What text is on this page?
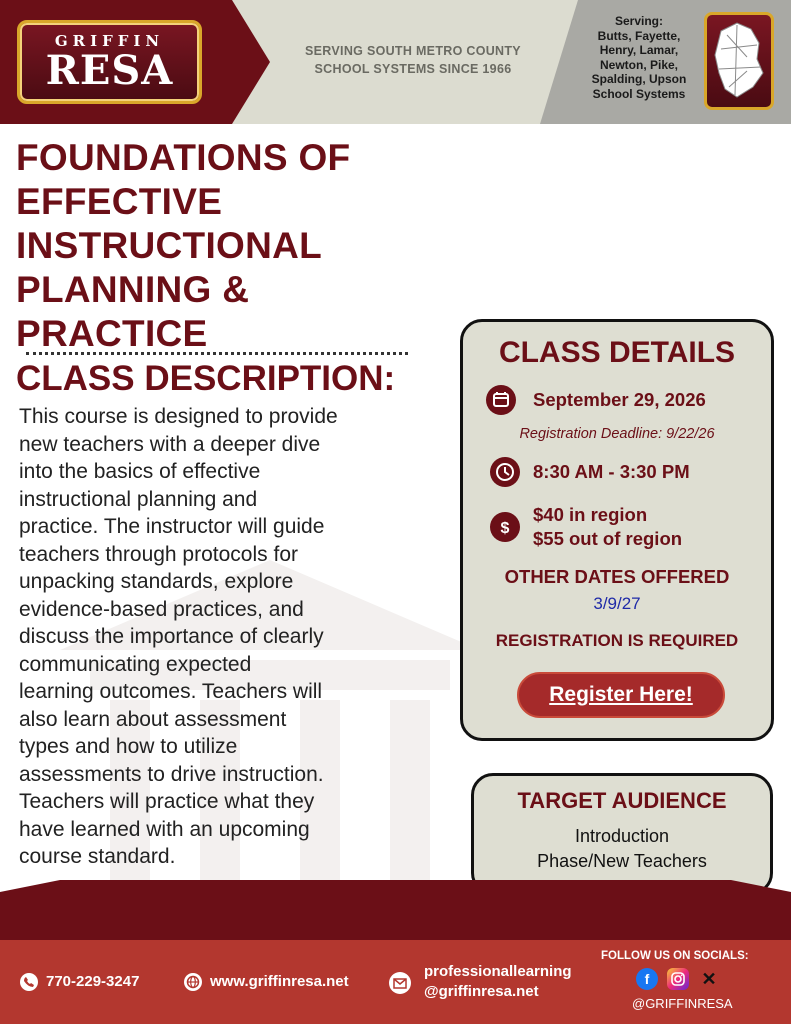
GRIFFIN
RESA	SERVING SOUTH METRO COUNTY
SCHOOL SYSTEMS SINCE 1966
Serving:
Butts, Fayette,
Henry, Lamar,
Newton, Pike,
Spalding, Upson
School Systems
FOUNDATIONS OF
EFFECTIVE
INSTRUCTIONAL
PLANNING &
PRACTICE
CLASS DESCRIPTION:
This course is designed to provide
new teachers with a deeper dive
into the basics of effective
instructional planning and
practice. The instructor will guide
teachers through protocols for
unpacking standards, explore
evidence-based practices, and
discuss the importance of clearly
communicating expected
learning outcomes. Teachers will
also learn about assessment
types and how to utilize
assessments to drive instruction.
Teachers will practice what they
have learned with an upcoming
course standard.
CLASS DETAILS
September 29, 2026
Registration Deadline: 9/22/26
8:30 AM - 3:30 PM
$
$40 in region
$55 out of region
OTHER DATES OFFERED
3/9/27
REGISTRATION IS REQUIRED
Register Here!
TARGET AUDIENCE
Introduction
Phase/New Teachers
770-229-3247	www.griffinresa.net
professionallearning
@griffinresa.net
FOLLOW US ON SOCIALS:
f	✕
@GRIFFINRESA
